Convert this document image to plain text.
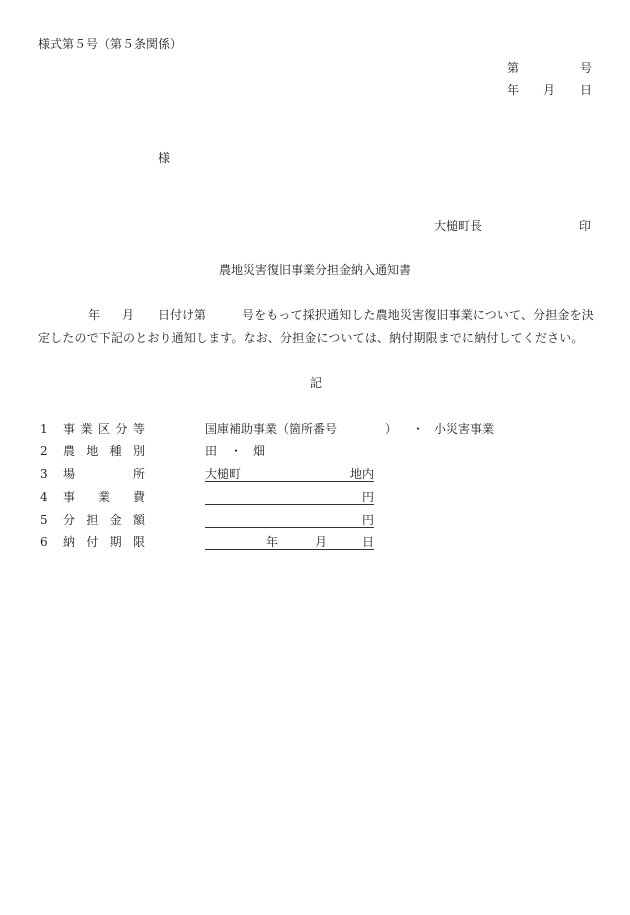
様式第５号（第５条関係）
第	号
年 月 日
様
大槌町長	印
農地災害復旧事業分担金納入通知書
年 月 日付け第	号をもって採択通知した農地災害復旧事業について、分担金を決
定したので下記のとおり通知します。なお、分担金については、納付期限までに納付してください。
記
1 事 業 区 分 等	国庫補助事業（箇所番号	） ・ 小災害事業
2 農 地 種 別	田 ・ 畑
3 場	所	大槌町	地内
4 事 業 費	円
5 分 担 金 額	円
6 納 付 期 限	年	月	日
